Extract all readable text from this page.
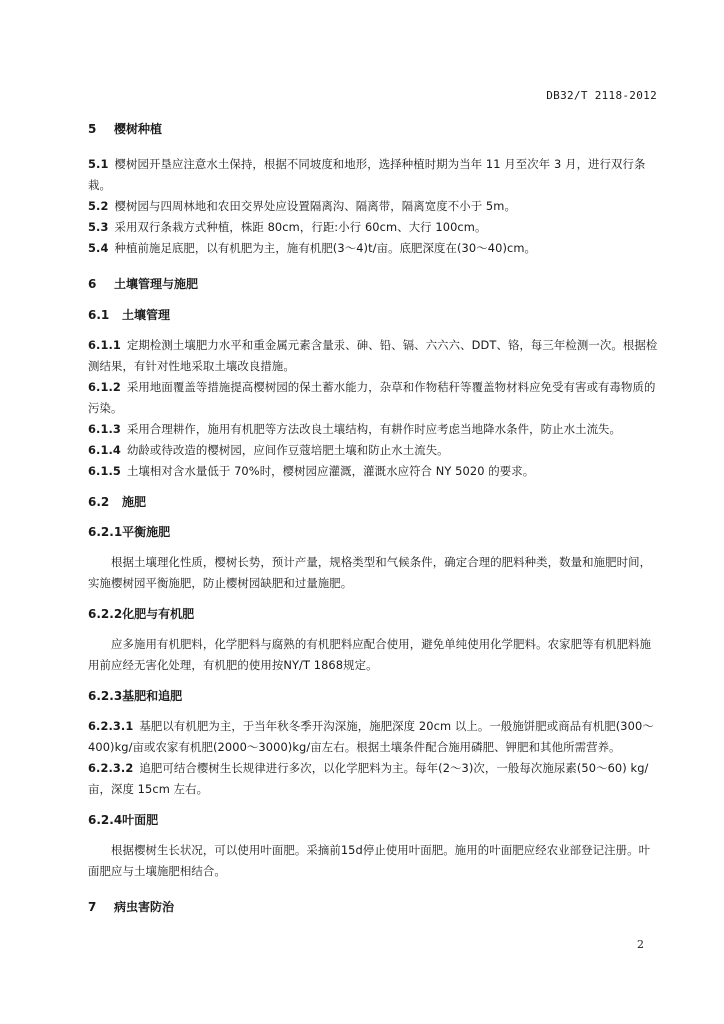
DB32/T 2118-2012
5 樱树种植

5.1 樱树园开垦应注意水土保持，根据不同坡度和地形，选择种植时期为当年 11 月至次年 3 月，进行双行条栽。

5.2 樱树园与四周林地和农田交界处应设置隔离沟、隔离带，隔离宽度不小于 5m。

5.3 采用双行条栽方式种植，株距 80cm，行距:小行 60cm、大行 100cm。

5.4 种植前施足底肥，以有机肥为主，施有机肥(3～4)t/亩。底肥深度在(30～40)cm。

6 土壤管理与施肥
6.1 土壤管理

6.1.1 定期检测土壤肥力水平和重金属元素含量汞、砷、铅、镉、六六六、DDT、铬，每三年检测一次。根据检测结果，有针对性地采取土壤改良措施。

6.1.2 采用地面覆盖等措施提高樱树园的保土蓄水能力，杂草和作物秸秆等覆盖物材料应免受有害或有毒物质的污染。

6.1.3 采用合理耕作，施用有机肥等方法改良土壤结构，有耕作时应考虑当地降水条件，防止水土流失。

6.1.4 幼龄或待改造的樱树园，应间作豆蔻培肥土壤和防止水土流失。

6.1.5 土壤相对含水量低于 70%时，樱树园应灌溉，灌溉水应符合 NY 5020 的要求。

6.2 施肥
6.2.1平衡施肥

根据土壤理化性质，樱树长势，预计产量，规格类型和气候条件，确定合理的肥料种类，数量和施肥时间，实施樱树园平衡施肥，防止樱树园缺肥和过量施肥。

6.2.2化肥与有机肥

应多施用有机肥料，化学肥料与腐熟的有机肥料应配合使用，避免单纯使用化学肥料。农家肥等有机肥料施用前应经无害化处理，有机肥的使用按NY/T 1868规定。

6.2.3基肥和追肥

6.2.3.1 基肥以有机肥为主，于当年秋冬季开沟深施，施肥深度 20cm 以上。一般施饼肥或商品有机肥(300～400)kg/亩或农家有机肥(2000～3000)kg/亩左右。根据土壤条件配合施用磷肥、钾肥和其他所需营养。

6.2.3.2 追肥可结合樱树生长规律进行多次，以化学肥料为主。每年(2～3)次，一般每次施尿素(50～60) kg/亩，深度 15cm 左右。

6.2.4叶面肥

根据樱树生长状况，可以使用叶面肥。采摘前15d停止使用叶面肥。施用的叶面肥应经农业部登记注册。叶面肥应与土壤施肥相结合。

7 病虫害防治
2
